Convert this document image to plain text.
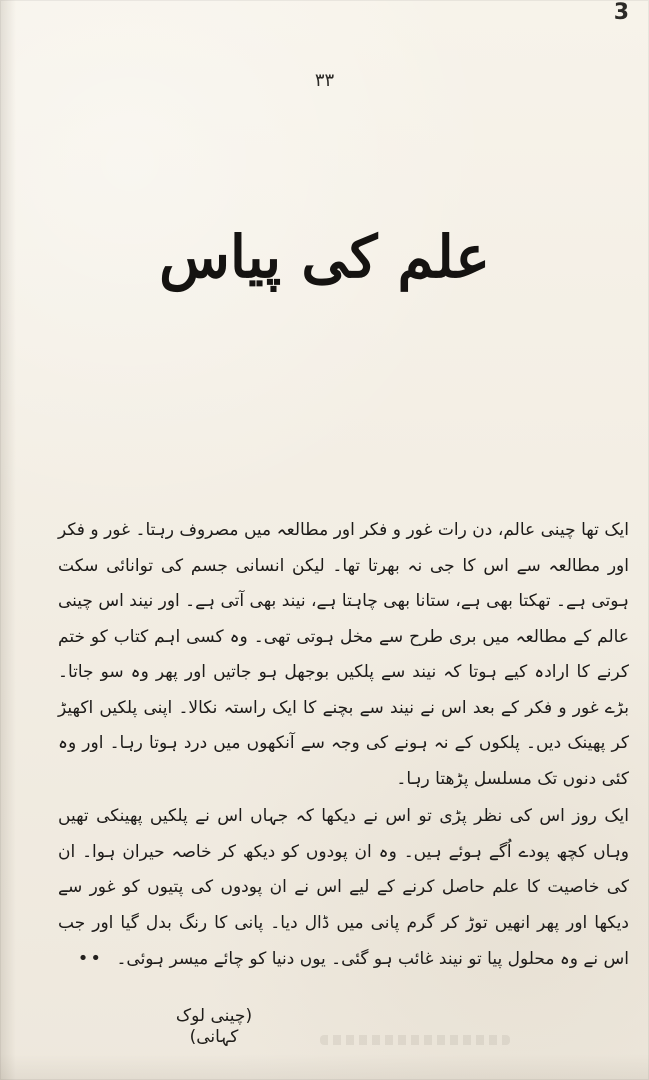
3
۳۳
علم کی پیاس

ایک تھا چینی عالم، دن رات غور و فکر اور مطالعہ میں مصروف رہتا۔ غور و فکر اور مطالعہ سے اس کا جی نہ بھرتا تھا۔ لیکن انسانی جسم کی توانائی سکت ہوتی ہے۔ تھکتا بھی ہے، ستانا بھی چاہتا ہے، نیند بھی آتی ہے۔ اور نیند اس چینی عالم کے مطالعہ میں بری طرح سے مخل ہوتی تھی۔ وہ کسی اہم کتاب کو ختم کرنے کا ارادہ کیے ہوتا کہ نیند سے پلکیں بوجھل ہو جاتیں اور پھر وہ سو جاتا۔ بڑے غور و فکر کے بعد اس نے نیند سے بچنے کا ایک راستہ نکالا۔ اپنی پلکیں اکھیڑ کر پھینک دیں۔ پلکوں کے نہ ہونے کی وجہ سے آنکھوں میں درد ہوتا رہا۔ اور وہ کئی دنوں تک مسلسل پڑھتا رہا۔

ایک روز اس کی نظر پڑی تو اس نے دیکھا کہ جہاں اس نے پلکیں پھینکی تھیں وہاں کچھ پودے اُگے ہوئے ہیں۔ وہ ان پودوں کو دیکھ کر خاصہ حیران ہوا۔ ان کی خاصیت کا علم حاصل کرنے کے لیے اس نے ان پودوں کی پتیوں کو غور سے دیکھا اور پھر انھیں توڑ کر گرم پانی میں ڈال دیا۔ پانی کا رنگ بدل گیا اور جب اس نے وہ محلول پیا تو نیند غائب ہو گئی۔ یوں دنیا کو چائے میسر ہوئی۔ ••

(چینی لوک کہانی)
